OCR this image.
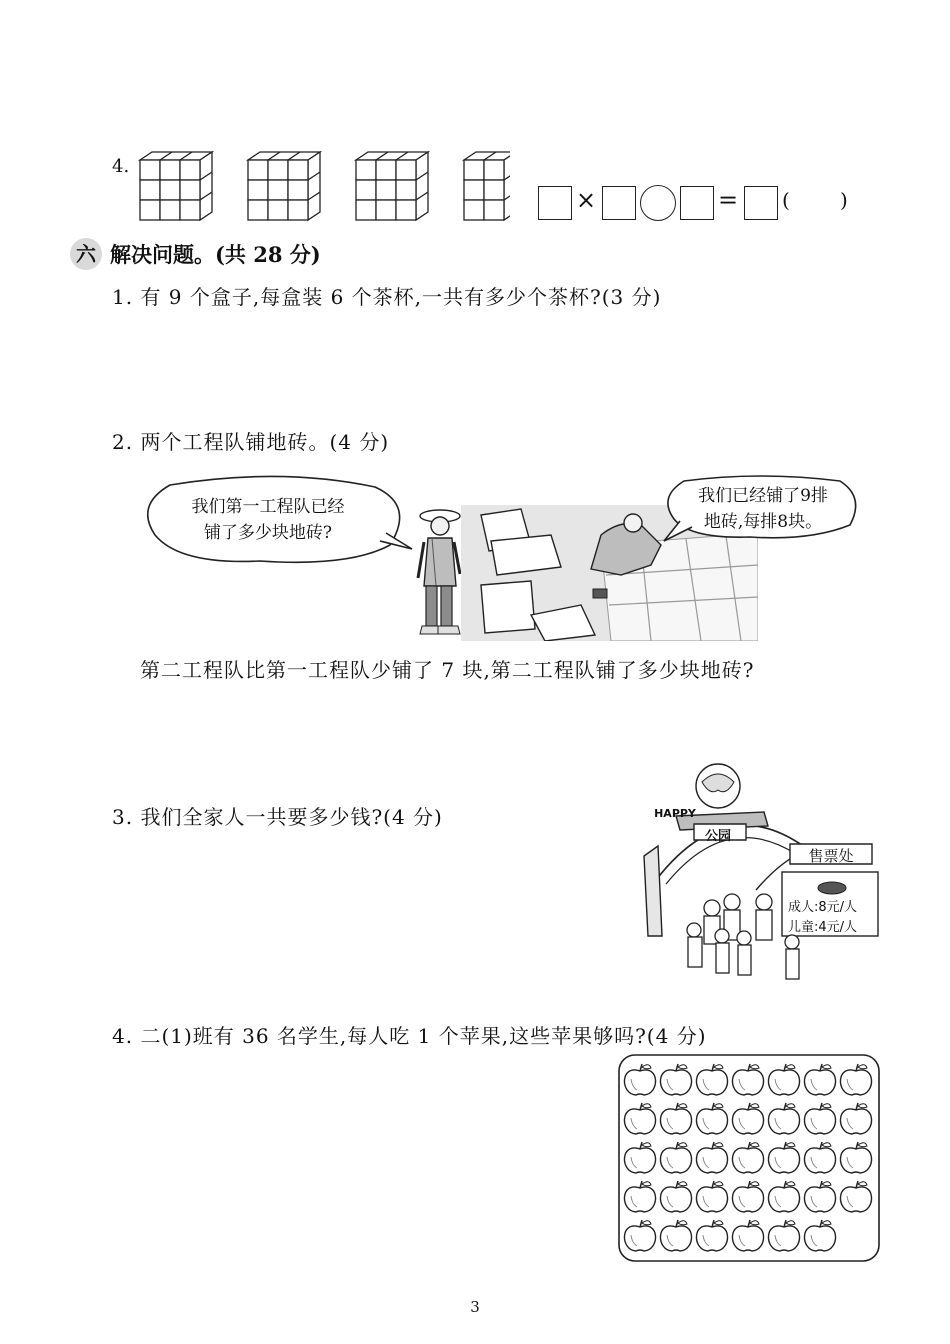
4.
×	= (	)
六 解决问题。(共 28 分)
1. 有 9 个盒子,每盒装 6 个茶杯,一共有多少个茶杯?(3 分)
2. 两个工程队铺地砖。(4 分)
我们第一工程队已经
铺了多少块地砖?
我们已经铺了9排
地砖,每排8块。
第二工程队比第一工程队少铺了 7 块,第二工程队铺了多少块地砖?
3. 我们全家人一共要多少钱?(4 分)	HAPPY
公园
售票处
成人:8元/人
儿童:4元/人
4. 二(1)班有 36 名学生,每人吃 1 个苹果,这些苹果够吗?(4 分)
3
